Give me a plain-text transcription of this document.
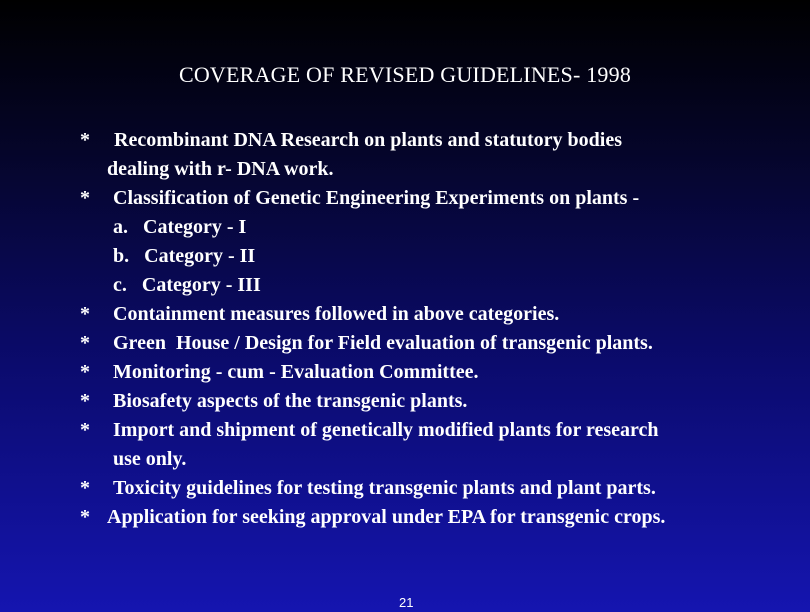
COVERAGE OF REVISED GUIDELINES- 1998
* Recombinant DNA Research on plants and statutory bodies
dealing with r- DNA work.
* Classification of Genetic Engineering Experiments on plants -
a.   Category - I
b.   Category - II
c.   Category - III
* Containment measures followed in above categories.
* Green  House / Design for Field evaluation of transgenic plants.
* Monitoring - cum - Evaluation Committee.
* Biosafety aspects of the transgenic plants.
* Import and shipment of genetically modified plants for research
use only.
* Toxicity guidelines for testing transgenic plants and plant parts.
* Application for seeking approval under EPA for transgenic crops.
21
